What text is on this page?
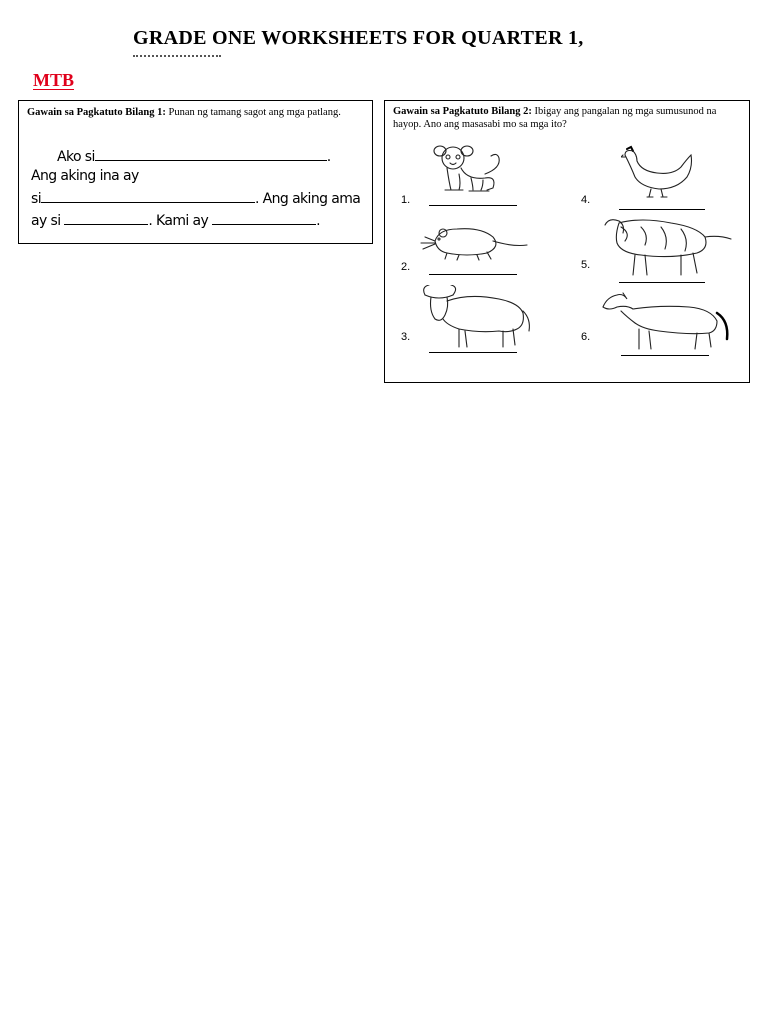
GRADE ONE WORKSHEETS FOR QUARTER 1,
MTB
Gawain sa Pagkatuto Bilang 1: Punan ng tamang sagot ang mga patlang.
Ako si	.
Ang aking ina ay
si	. Ang aking ama
ay si	. Kami ay	.
Gawain sa Pagkatuto Bilang 2: Ibigay ang pangalan ng mga sumusunod na hayop. Ano ang masasabi mo sa mga ito?
1.
2.
3.
4.
5.
6.
